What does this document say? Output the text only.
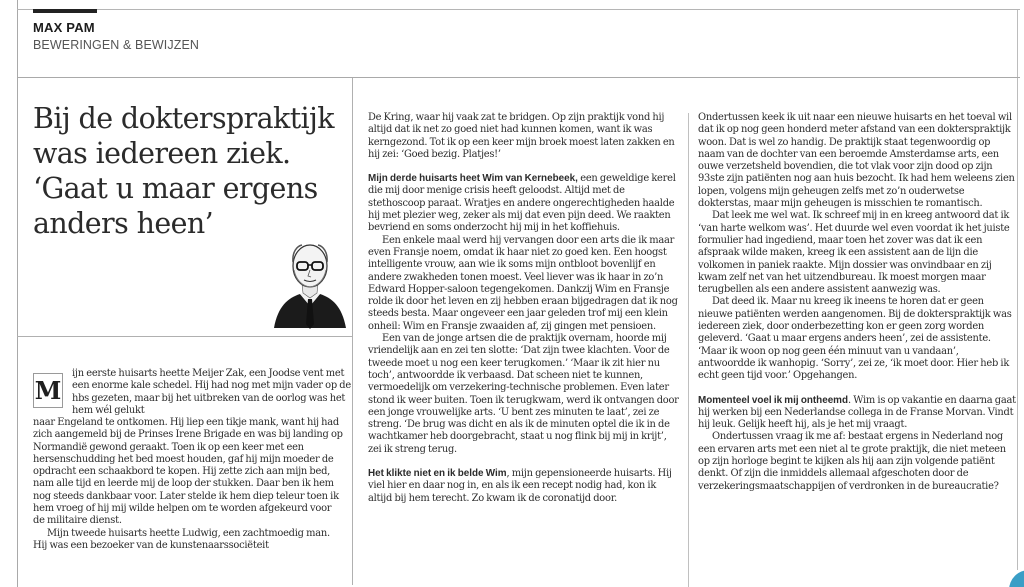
MAX PAM
BEWERINGEN & BEWIJZEN
Bij de dokterspraktijk was iedereen ziek. ‘Gaat u maar ergens anders heen’
M

ijn eerste huisarts heette Meijer Zak, een Joodse vent met een enorme kale schedel. Hij had nog met mijn vader op de hbs gezeten, maar bij het uitbreken van de oorlog was het hem wél gelukt

naar Engeland te ontkomen. Hij liep een tikje mank, want hij had zich aangemeld bij de Prinses Irene Brigade en was bij landing op Normandië gewond geraakt. Toen ik op een keer met een hersenschudding het bed moest houden, gaf hij mijn moeder de opdracht een schaakbord te kopen. Hij zette zich aan mijn bed, nam alle tijd en leerde mij de loop der stukken. Daar ben ik hem nog steeds dankbaar voor. Later stelde ik hem diep teleur toen ik hem vroeg of hij mij wilde helpen om te worden afgekeurd voor de militaire dienst.

Mijn tweede huisarts heette Ludwig, een zachtmoedig man. Hij was een bezoeker van de kunstenaarssociëteit

De Kring, waar hij vaak zat te bridgen. Op zijn praktijk vond hij altijd dat ik net zo goed niet had kunnen komen, want ik was kerngezond. Tot ik op een keer mijn broek moest laten zakken en hij zei: ‘Goed bezig. Platjes!’

Mijn derde huisarts heet Wim van Kernebeek, een geweldige kerel die mij door menige crisis heeft geloodst. Altijd met de stethoscoop paraat. Wratjes en andere ongerechtigheden haalde hij met plezier weg, zeker als mij dat even pijn deed. We raakten bevriend en soms onderzocht hij mij in het koffiehuis.

Een enkele maal werd hij vervangen door een arts die ik maar even Fransje noem, omdat ik haar niet zo goed ken. Een hoogst intelligente vrouw, aan wie ik soms mijn ontbloot bovenlijf en andere zwakheden tonen moest. Veel liever was ik haar in zo’n Edward Hopper-saloon tegengekomen. Dankzij Wim en Fransje rolde ik door het leven en zij hebben eraan bijgedragen dat ik nog steeds besta. Maar ongeveer een jaar geleden trof mij een klein onheil: Wim en Fransje zwaaiden af, zij gingen met pensioen.

Een van de jonge artsen die de praktijk overnam, hoorde mij vriendelijk aan en zei ten slotte: ‘Dat zijn twee klachten. Voor de tweede moet u nog een keer terugkomen.’ ‘Maar ik zit hier nu toch’, antwoordde ik verbaasd. Dat scheen niet te kunnen, vermoedelijk om verzekering-technische problemen. Even later stond ik weer buiten. Toen ik terugkwam, werd ik ontvangen door een jonge vrouwelijke arts. ‘U bent zes minuten te laat’, zei ze streng. ‘De brug was dicht en als ik de minuten optel die ik in de wachtkamer heb doorgebracht, staat u nog flink bij mij in krijt’, zei ik streng terug.

Het klikte niet en ik belde Wim, mijn gepensioneerde huisarts. Hij viel hier en daar nog in, en als ik een recept nodig had, kon ik altijd bij hem terecht. Zo kwam ik de coronatijd door.

Ondertussen keek ik uit naar een nieuwe huisarts en het toeval wil dat ik op nog geen honderd meter afstand van een dokterspraktijk woon. Dat is wel zo handig. De praktijk staat tegenwoordig op naam van de dochter van een beroemde Amsterdamse arts, een ouwe verzetsheld bovendien, die tot vlak voor zijn dood op zijn 93ste zijn patiënten nog aan huis bezocht. Ik had hem weleens zien lopen, volgens mijn geheugen zelfs met zo’n ouderwetse dokterstas, maar mijn geheugen is misschien te romantisch.

Dat leek me wel wat. Ik schreef mij in en kreeg antwoord dat ik ‘van harte welkom was’. Het duurde wel even voordat ik het juiste formulier had ingediend, maar toen het zover was dat ik een afspraak wilde maken, kreeg ik een assistent aan de lijn die volkomen in paniek raakte. Mijn dossier was onvindbaar en zij kwam zelf net van het uitzendbureau. Ik moest morgen maar terugbellen als een andere assistent aanwezig was.

Dat deed ik. Maar nu kreeg ik ineens te horen dat er geen nieuwe patiënten werden aangenomen. Bij de dokterspraktijk was iedereen ziek, door onderbezetting kon er geen zorg worden geleverd. ‘Gaat u maar ergens anders heen’, zei de assistente. ‘Maar ik woon op nog geen één minuut van u vandaan’, antwoordde ik wanhopig. ‘Sorry’, zei ze, ‘ik moet door. Hier heb ik echt geen tijd voor.’ Opgehangen.

Momenteel voel ik mij ontheemd. Wim is op vakantie en daarna gaat hij werken bij een Nederlandse collega in de Franse Morvan. Vindt hij leuk. Gelijk heeft hij, als je het mij vraagt.

Ondertussen vraag ik me af: bestaat ergens in Nederland nog een ervaren arts met een niet al te grote praktijk, die niet meteen op zijn horloge begint te kijken als hij aan zijn volgende patiënt denkt. Of zijn die inmiddels allemaal afgeschoten door de verzekeringsmaatschappijen of verdronken in de bureaucratie?
